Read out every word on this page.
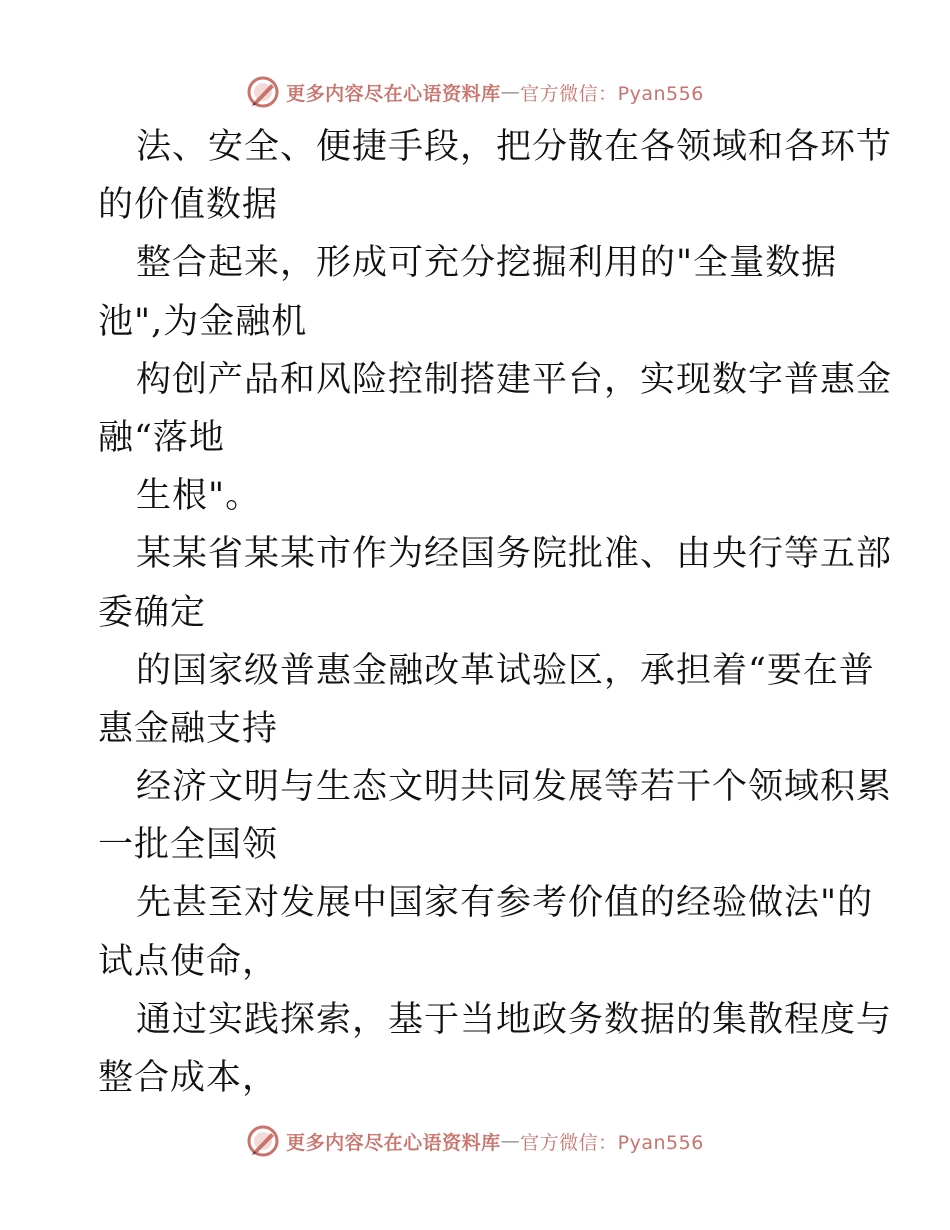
更多内容尽在心语资料库 — 官方微信：Pyan556
法、安全、便捷手段，把分散在各领域和各环节
的价值数据
整合起来，形成可充分挖掘利用的"全量数据
池",为金融机
构创产品和风险控制搭建平台，实现数字普惠金
融“落地
生根"。
某某省某某市作为经国务院批准、由央行等五部
委确定
的国家级普惠金融改革试验区，承担着“要在普
惠金融支持
经济文明与生态文明共同发展等若干个领域积累
一批全国领
先甚至对发展中国家有参考价值的经验做法"的
试点使命，
通过实践探索，基于当地政务数据的集散程度与
整合成本，
更多内容尽在心语资料库 — 官方微信：Pyan556
